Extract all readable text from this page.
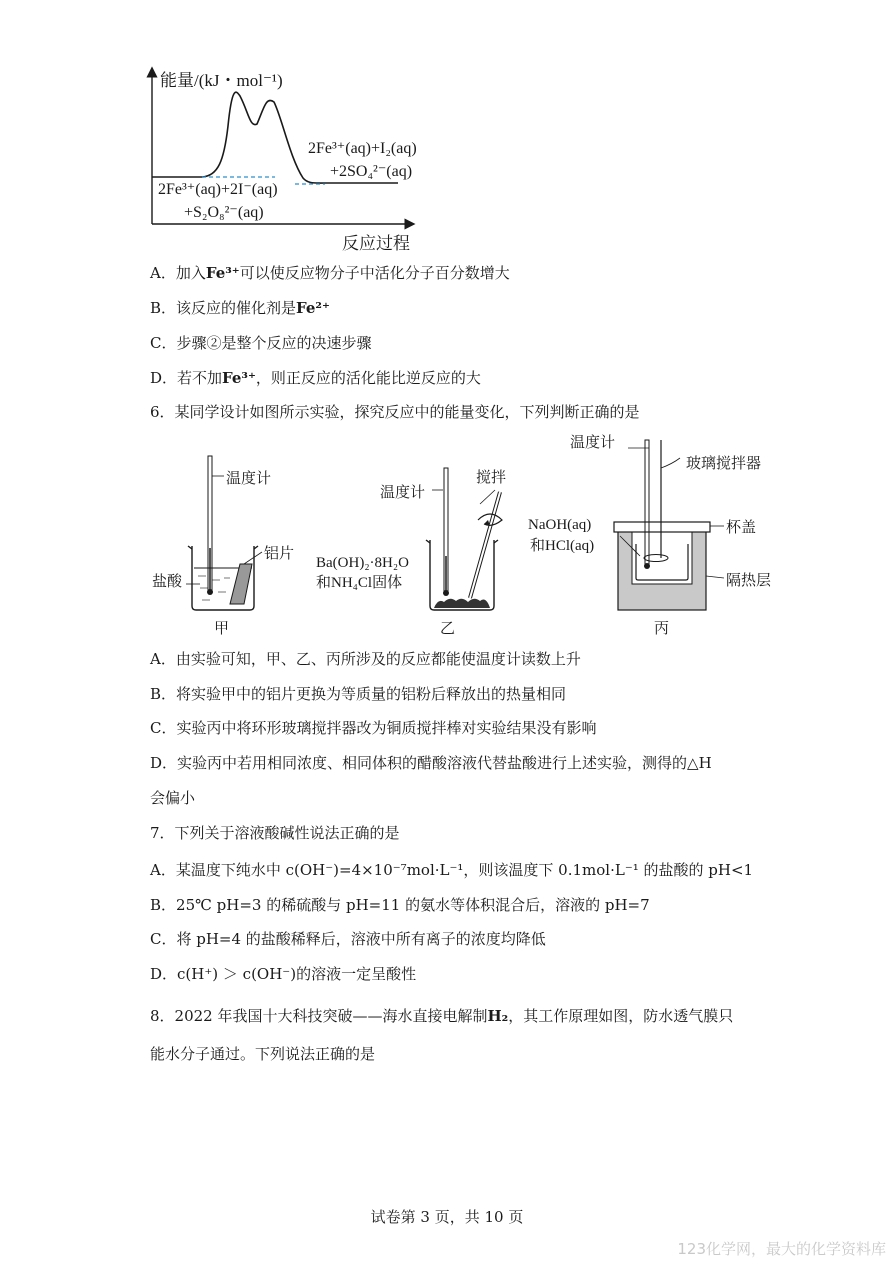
能量/(kJ・mol⁻¹)
2Fe³⁺(aq)+I₂(aq)
+2SO₄²⁻(aq)
2Fe³⁺(aq)+2I⁻(aq)
+S₂O₈²⁻(aq)
反应过程
A．加入Fe³⁺可以使反应物分子中活化分子百分数增大
B．该反应的催化剂是Fe²⁺
C．步骤②是整个反应的决速步骤
D．若不加Fe³⁺，则正反应的活化能比逆反应的大
6．某同学设计如图所示实验，探究反应中的能量变化，下列判断正确的是
温度计
铝片
盐酸
甲
温度计
搅拌
Ba(OH)₂·8H₂O
和NH₄Cl固体
乙
温度计
玻璃搅拌器
NaOH(aq)
和HCl(aq)
杯盖
隔热层
丙
A．由实验可知，甲、乙、丙所涉及的反应都能使温度计读数上升
B．将实验甲中的铝片更换为等质量的铝粉后释放出的热量相同
C．实验丙中将环形玻璃搅拌器改为铜质搅拌棒对实验结果没有影响
D．实验丙中若用相同浓度、相同体积的醋酸溶液代替盐酸进行上述实验，测得的△H
会偏小
7．下列关于溶液酸碱性说法正确的是
A．某温度下纯水中 c(OH⁻)=4×10⁻⁷mol·L⁻¹，则该温度下 0.1mol·L⁻¹ 的盐酸的 pH<1
B．25℃ pH=3 的稀硫酸与 pH=11 的氨水等体积混合后，溶液的 pH=7
C．将 pH=4 的盐酸稀释后，溶液中所有离子的浓度均降低
D．c(H⁺) ＞ c(OH⁻)的溶液一定呈酸性
8．2022 年我国十大科技突破——海水直接电解制H₂，其工作原理如图，防水透气膜只
能水分子通过。下列说法正确的是
试卷第 3 页，共 10 页
123化学网，最大的化学资料库
